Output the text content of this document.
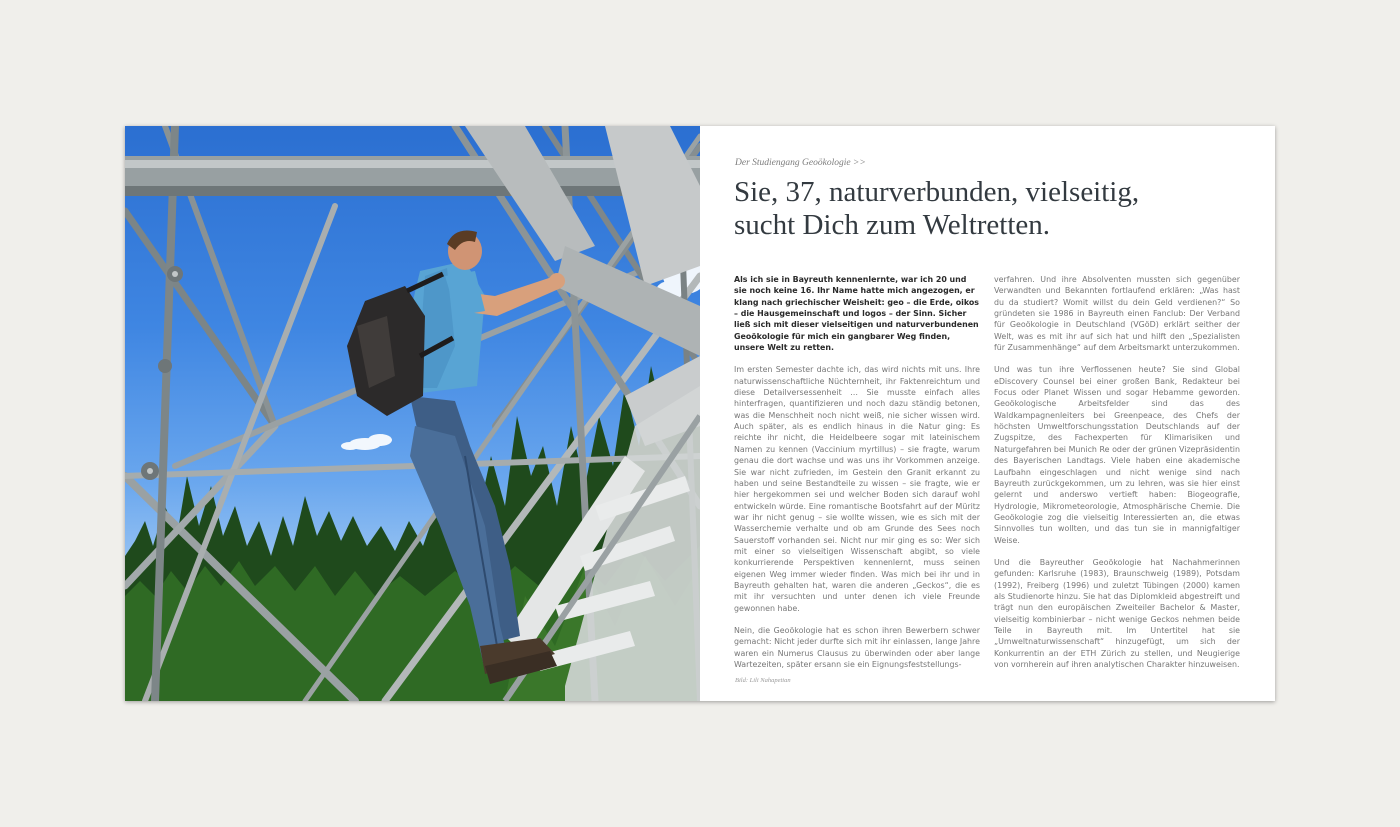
Der Studiengang Geoökologie >>
Sie, 37, naturverbunden, vielseitig,
sucht Dich zum Weltretten.

Als ich sie in Bayreuth kennenlernte, war ich 20 und sie noch keine 16. Ihr Name hatte mich angezogen, er klang nach griechischer Weisheit: geo – die Erde, oikos – die Hausgemeinschaft und logos – der Sinn. Sicher ließ sich mit dieser vielseitigen und naturverbundenen Geoökologie für mich ein gangbarer Weg finden, unsere Welt zu retten.

Im ersten Semester dachte ich, das wird nichts mit uns. Ihre naturwissenschaftliche Nüchternheit, ihr Faktenreichtum und diese Detailversessenheit … Sie musste einfach alles hinterfragen, quantifizieren und noch dazu ständig betonen, was die Menschheit noch nicht weiß, nie sicher wissen wird. Auch später, als es endlich hinaus in die Natur ging: Es reichte ihr nicht, die Heidelbeere sogar mit lateinischem Namen zu kennen (Vaccinium myrtillus) – sie fragte, warum genau die dort wachse und was uns ihr Vorkommen anzeige. Sie war nicht zufrieden, im Gestein den Granit erkannt zu haben und seine Bestandteile zu wissen – sie fragte, wie er hier hergekommen sei und welcher Boden sich darauf wohl entwickeln würde. Eine romantische Bootsfahrt auf der Müritz war ihr nicht genug – sie wollte wissen, wie es sich mit der Wasserchemie verhalte und ob am Grunde des Sees noch Sauerstoff vorhanden sei. Nicht nur mir ging es so: Wer sich mit einer so vielseitigen Wissenschaft abgibt, so viele konkurrierende Perspektiven kennenlernt, muss seinen eigenen Weg immer wieder finden. Was mich bei ihr und in Bayreuth gehalten hat, waren die anderen „Geckos“, die es mit ihr versuchten und unter denen ich viele Freunde gewonnen habe.

Nein, die Geoökologie hat es schon ihren Bewerbern schwer gemacht: Nicht jeder durfte sich mit ihr einlassen, lange Jahre waren ein Numerus Clausus zu überwinden oder aber lange Wartezeiten, später ersann sie ein Eignungsfeststellungs-

verfahren. Und ihre Absolventen mussten sich gegenüber Verwandten und Bekannten fortlaufend erklären: „Was hast du da studiert? Womit willst du dein Geld verdienen?“ So gründeten sie 1986 in Bayreuth einen Fanclub: Der Verband für Geoökologie in Deutschland (VGöD) erklärt seither der Welt, was es mit ihr auf sich hat und hilft den „Spezialisten für Zusammenhänge“ auf dem Arbeitsmarkt unterzukommen.

Und was tun ihre Verflossenen heute? Sie sind Global eDiscovery Counsel bei einer großen Bank, Redakteur bei Focus oder Planet Wissen und sogar Hebamme geworden. Geoökologische Arbeitsfelder sind das des Waldkampagnenleiters bei Greenpeace, des Chefs der höchsten Umweltforschungsstation Deutschlands auf der Zugspitze, des Fachexperten für Klimarisiken und Naturgefahren bei Munich Re oder der grünen Vizepräsidentin des Bayerischen Landtags. Viele haben eine akademische Laufbahn eingeschlagen und nicht wenige sind nach Bayreuth zurückgekommen, um zu lehren, was sie hier einst gelernt und anderswo vertieft haben: Biogeografie, Hydrologie, Mikrometeorologie, Atmosphärische Chemie. Die Geoökologie zog die vielseitig Interessierten an, die etwas Sinnvolles tun wollten, und das tun sie in mannigfaltiger Weise.

Und die Bayreuther Geoökologie hat Nachahmerinnen gefunden: Karlsruhe (1983), Braunschweig (1989), Potsdam (1992), Freiberg (1996) und zuletzt Tübingen (2000) kamen als Studienorte hinzu. Sie hat das Diplomkleid abgestreift und trägt nun den europäischen Zweiteiler Bachelor & Master, vielseitig kombinierbar – nicht wenige Geckos nehmen beide Teile in Bayreuth mit. Im Untertitel hat sie „Umweltnaturwissenschaft“ hinzugefügt, um sich der Konkurrentin an der ETH Zürich zu stellen, und Neugierige von vornherein auf ihren analytischen Charakter hinzuweisen.

Bild: Lili Nahapetian
